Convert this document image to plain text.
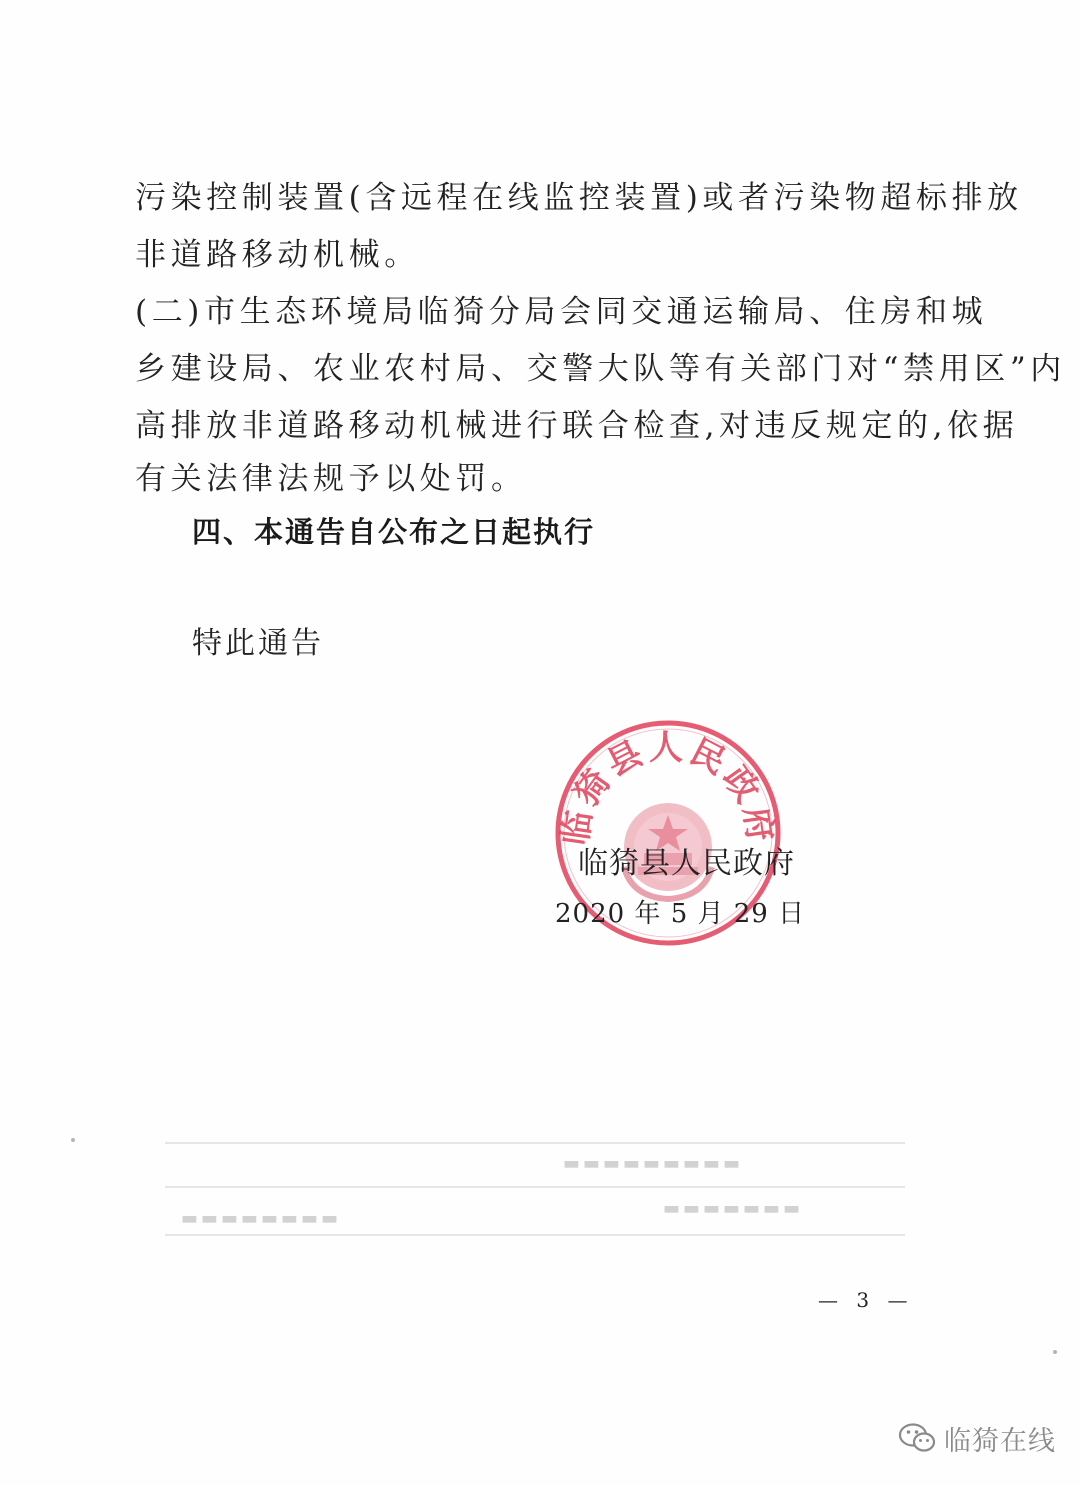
污染控制装置(含远程在线监控装置)或者污染物超标排放
非道路移动机械。
(二)市生态环境局临猗分局会同交通运输局、住房和城
乡建设局、农业农村局、交警大队等有关部门对“禁用区”内
高排放非道路移动机械进行联合检查,对违反规定的,依据
有关法律法规予以处罚。
四、本通告自公布之日起执行
特此通告
临猗县人民政府
临猗县人民政府
2020 年 5 月 29 日
▬▬▬▬▬▬▬▬▬
▬▬▬▬▬▬▬
▬▬▬▬▬▬▬▬
— 3 —
临猗在线
